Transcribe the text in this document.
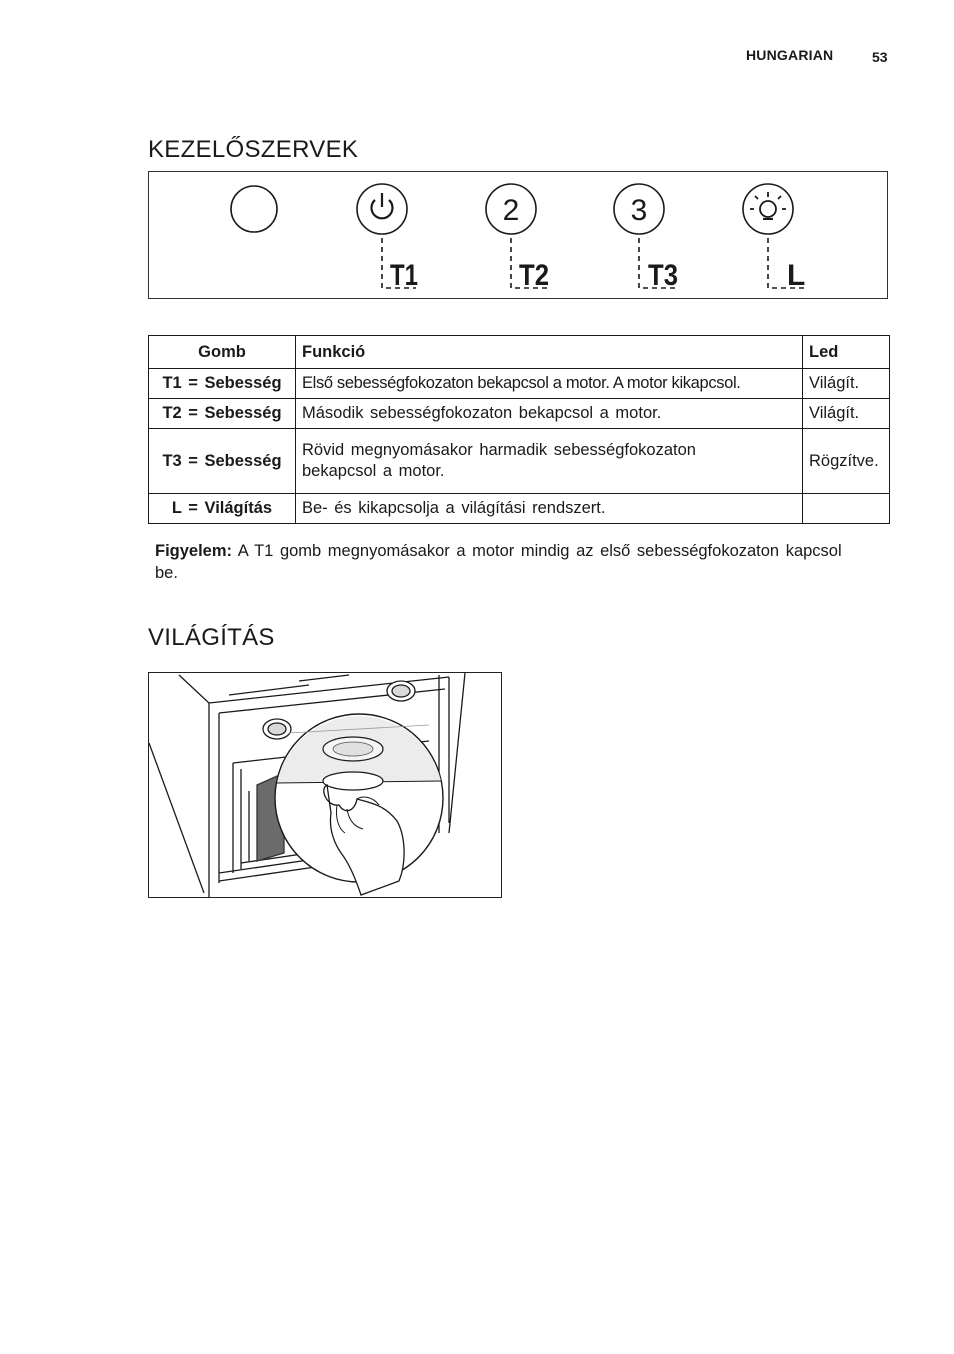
HUNGARIAN	53
KEZELŐSZERVEK
2	3
T1	T2	T3	L
Gomb	Funkció	Led
T1 = Sebesség	Első sebességfokozaton bekapcsol a motor. A motor kikapcsol.	Világít.
T2 = Sebesség	Második sebességfokozaton bekapcsol a motor.	Világít.
T3 = Sebesség	Rövid megnyomásakor harmadik sebességfokozaton bekapcsol a motor.	Rögzítve.
L = Világítás	Be- és kikapcsolja a világítási rendszert.	
Figyelem: A T1 gomb megnyomásakor a motor mindig az első sebességfokozaton kapcsol be.
VILÁGÍTÁS
